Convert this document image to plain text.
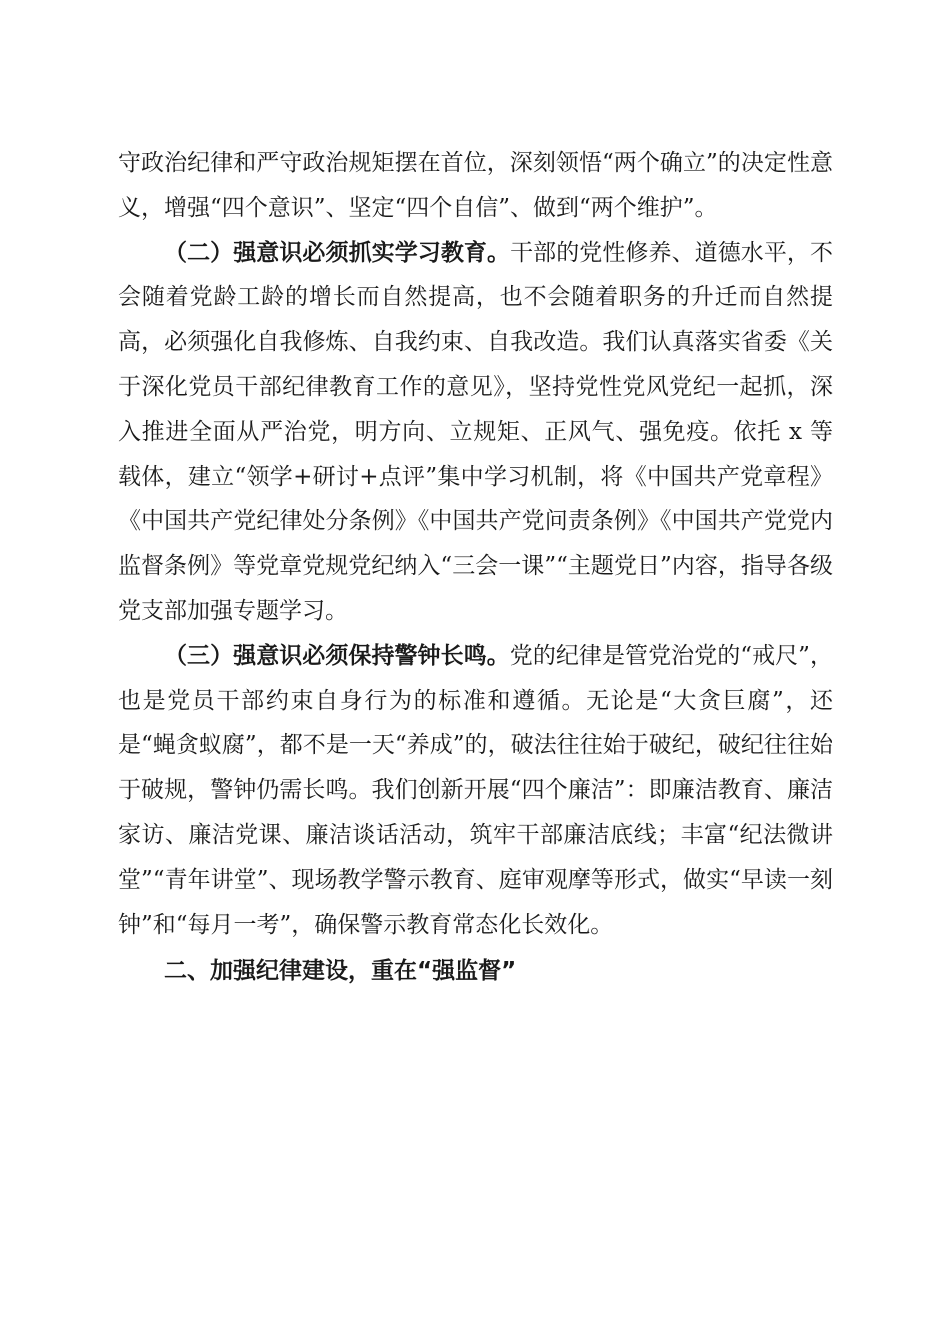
守政治纪律和严守政治规矩摆在首位，深刻领悟“两个确立”的决定性意义，增强“四个意识”、坚定“四个自信”、做到“两个维护”。

（二）强意识必须抓实学习教育。干部的党性修养、道德水平，不会随着党龄工龄的增长而自然提高，也不会随着职务的升迁而自然提高，必须强化自我修炼、自我约束、自我改造。我们认真落实省委《关于深化党员干部纪律教育工作的意见》，坚持党性党风党纪一起抓，深入推进全面从严治党，明方向、立规矩、正风气、强免疫。依托 x 等载体，建立“领学+研讨+点评”集中学习机制，将《中国共产党章程》《中国共产党纪律处分条例》《中国共产党问责条例》《中国共产党党内监督条例》等党章党规党纪纳入“三会一课”“主题党日”内容，指导各级党支部加强专题学习。

（三）强意识必须保持警钟长鸣。党的纪律是管党治党的“戒尺”，也是党员干部约束自身行为的标准和遵循。无论是“大贪巨腐”，还是“蝇贪蚁腐”，都不是一天“养成”的，破法往往始于破纪，破纪往往始于破规，警钟仍需长鸣。我们创新开展“四个廉洁”：即廉洁教育、廉洁家访、廉洁党课、廉洁谈话活动，筑牢干部廉洁底线；丰富“纪法微讲堂”“青年讲堂”、现场教学警示教育、庭审观摩等形式，做实“早读一刻钟”和“每月一考”，确保警示教育常态化长效化。

二、加强纪律建设，重在“强监督”
